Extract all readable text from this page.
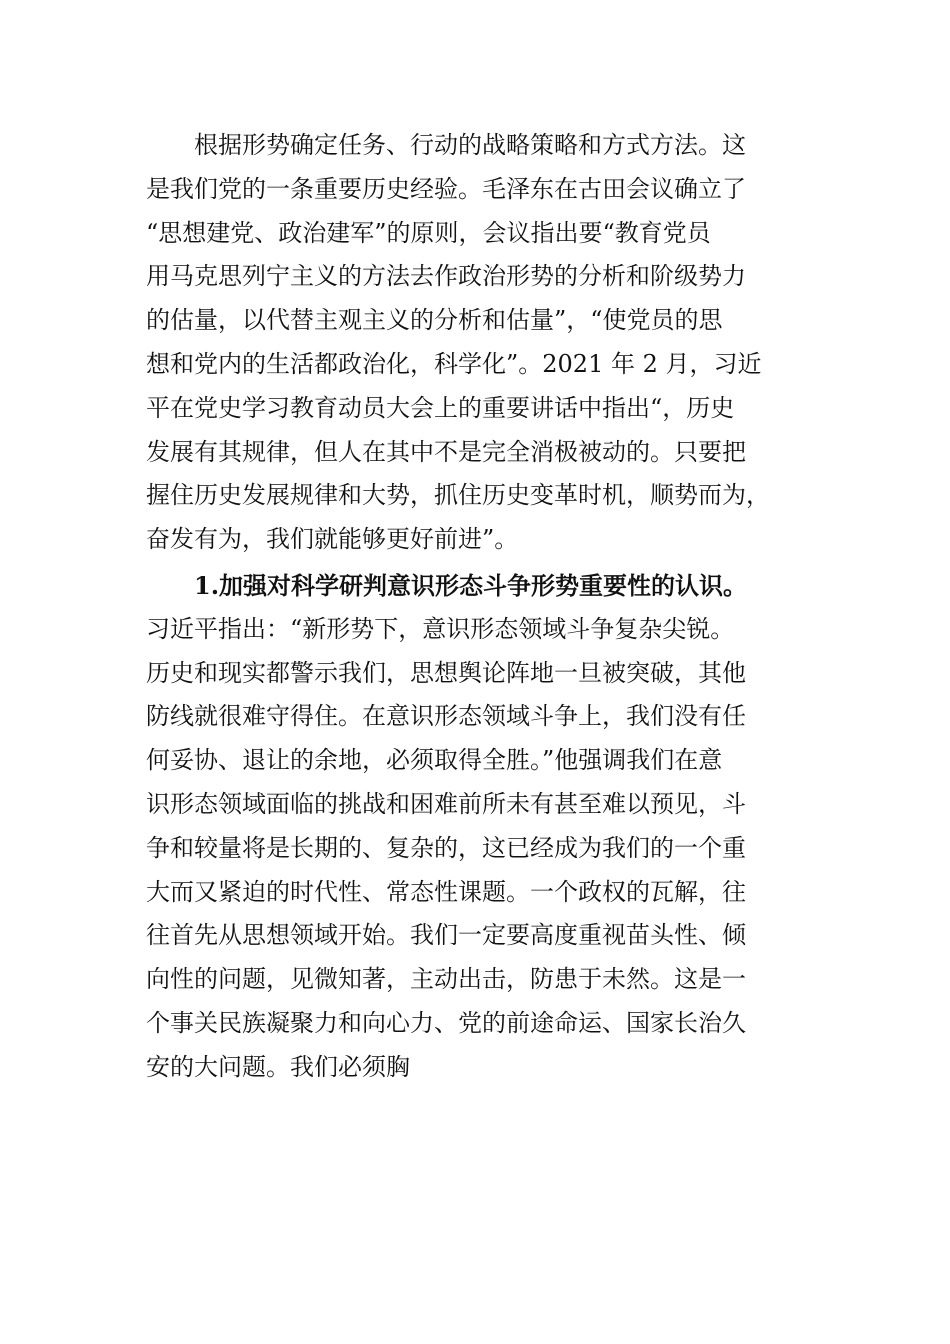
　　根据形势确定任务、行动的战略策略和方式方法。这
是我们党的一条重要历史经验。毛泽东在古田会议确立了
“思想建党、政治建军”的原则，会议指出要“教育党员
用马克思列宁主义的方法去作政治形势的分析和阶级势力
的估量，以代替主观主义的分析和估量”，“使党员的思
想和党内的生活都政治化，科学化”。2021 年 2 月，习近
平在党史学习教育动员大会上的重要讲话中指出“，历史
发展有其规律，但人在其中不是完全消极被动的。只要把
握住历史发展规律和大势，抓住历史变革时机，顺势而为，
奋发有为，我们就能够更好前进”。
　　1.加强对科学研判意识形态斗争形势重要性的认识。
习近平指出：“新形势下，意识形态领域斗争复杂尖锐。
历史和现实都警示我们，思想舆论阵地一旦被突破，其他
防线就很难守得住。在意识形态领域斗争上，我们没有任
何妥协、退让的余地，必须取得全胜。”他强调我们在意
识形态领域面临的挑战和困难前所未有甚至难以预见，斗
争和较量将是长期的、复杂的，这已经成为我们的一个重
大而又紧迫的时代性、常态性课题。一个政权的瓦解，往
往首先从思想领域开始。我们一定要高度重视苗头性、倾
向性的问题，见微知著，主动出击，防患于未然。这是一
个事关民族凝聚力和向心力、党的前途命运、国家长治久
安的大问题。我们必须胸
